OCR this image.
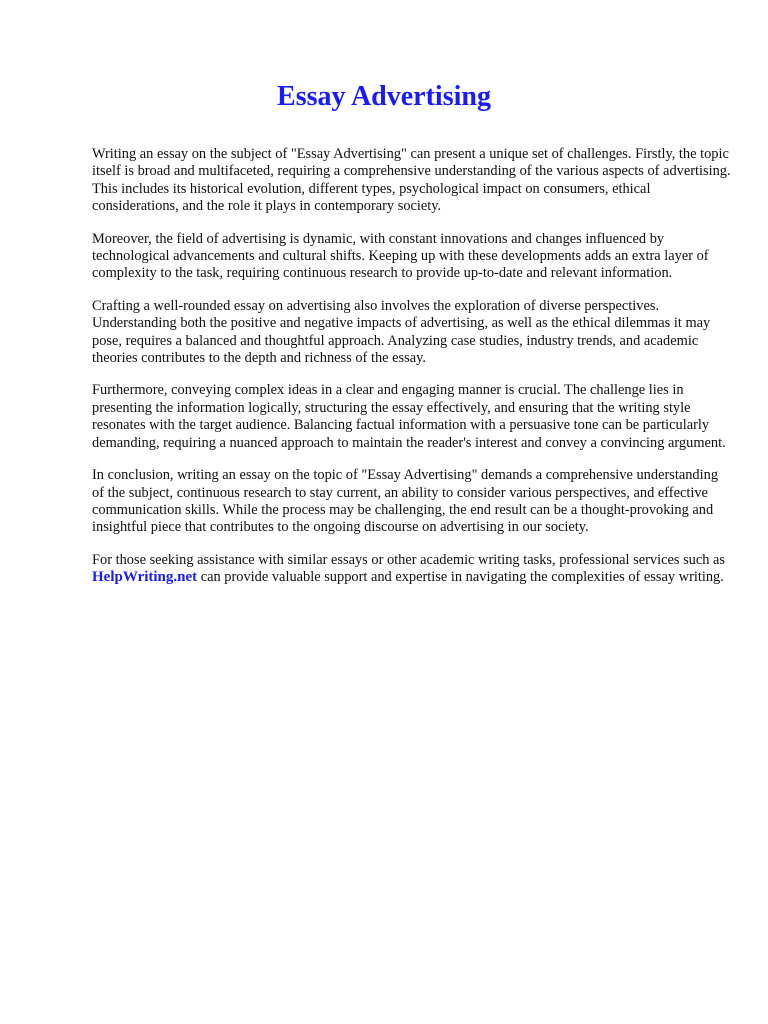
Essay Advertising

Writing an essay on the subject of "Essay Advertising" can present a unique set of challenges. Firstly, the topic itself is broad and multifaceted, requiring a comprehensive understanding of the various aspects of advertising. This includes its historical evolution, different types, psychological impact on consumers, ethical considerations, and the role it plays in contemporary society.

Moreover, the field of advertising is dynamic, with constant innovations and changes influenced by technological advancements and cultural shifts. Keeping up with these developments adds an extra layer of complexity to the task, requiring continuous research to provide up-to-date and relevant information.

Crafting a well-rounded essay on advertising also involves the exploration of diverse perspectives. Understanding both the positive and negative impacts of advertising, as well as the ethical dilemmas it may pose, requires a balanced and thoughtful approach. Analyzing case studies, industry trends, and academic theories contributes to the depth and richness of the essay.

Furthermore, conveying complex ideas in a clear and engaging manner is crucial. The challenge lies in presenting the information logically, structuring the essay effectively, and ensuring that the writing style resonates with the target audience. Balancing factual information with a persuasive tone can be particularly demanding, requiring a nuanced approach to maintain the reader's interest and convey a convincing argument.

In conclusion, writing an essay on the topic of "Essay Advertising" demands a comprehensive understanding of the subject, continuous research to stay current, an ability to consider various perspectives, and effective communication skills. While the process may be challenging, the end result can be a thought-provoking and insightful piece that contributes to the ongoing discourse on advertising in our society.

For those seeking assistance with similar essays or other academic writing tasks, professional services such as HelpWriting.net can provide valuable support and expertise in navigating the complexities of essay writing.
